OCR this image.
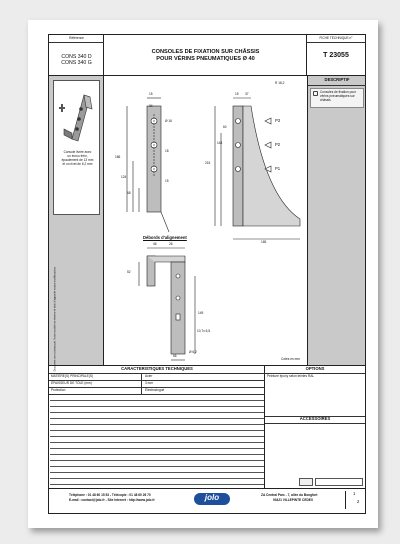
Référence
CONS 340 D
CONS 340 G
CONSOLES DE FIXATION SUR CHÂSSIS
POUR VÉRINS PNEUMATIQUES Ø 40
FICHE TECHNIQUE n°
T 23055
Console livrée avec
un écrou frein,
épaulement de 13 mm
et un rivet de 6,2 mm
DESCRIPTIF
Consoles de fixation pour
vérins pneumatiques sur
châssis
15
34
Ø 16
18
186
124
68
15
215
60
143
15 37
R 18,2
165
P3
P2
P1
Débords d'alignement
46	26
52
149
10,7x 6,5
Ø 6,2
66
Cotes en mm
CARACTERISTIQUES TECHNIQUES
MATIÈRE(S) PRINCIPALE(S)	Acier
ÉPAISSEUR DE TÔLE (mm)	3 mm
Protection	Électrozingué
OPTIONS
Peinture époxy selon teintes RAL
ACCESSOIRES
Téléphone : 01 48 60 15 53 - Télécopie : 01 48 60 26 70
E-mail : contact@jolo.fr - Site internet : http://www.jolo.fr	jolo	ZA Central Parc - 7, allée du Bongfort
93421 VILLEPINTE CEDEX
1
2
Document non contractuel. Notre société se réserve le droit d'apporter toutes modifications.
